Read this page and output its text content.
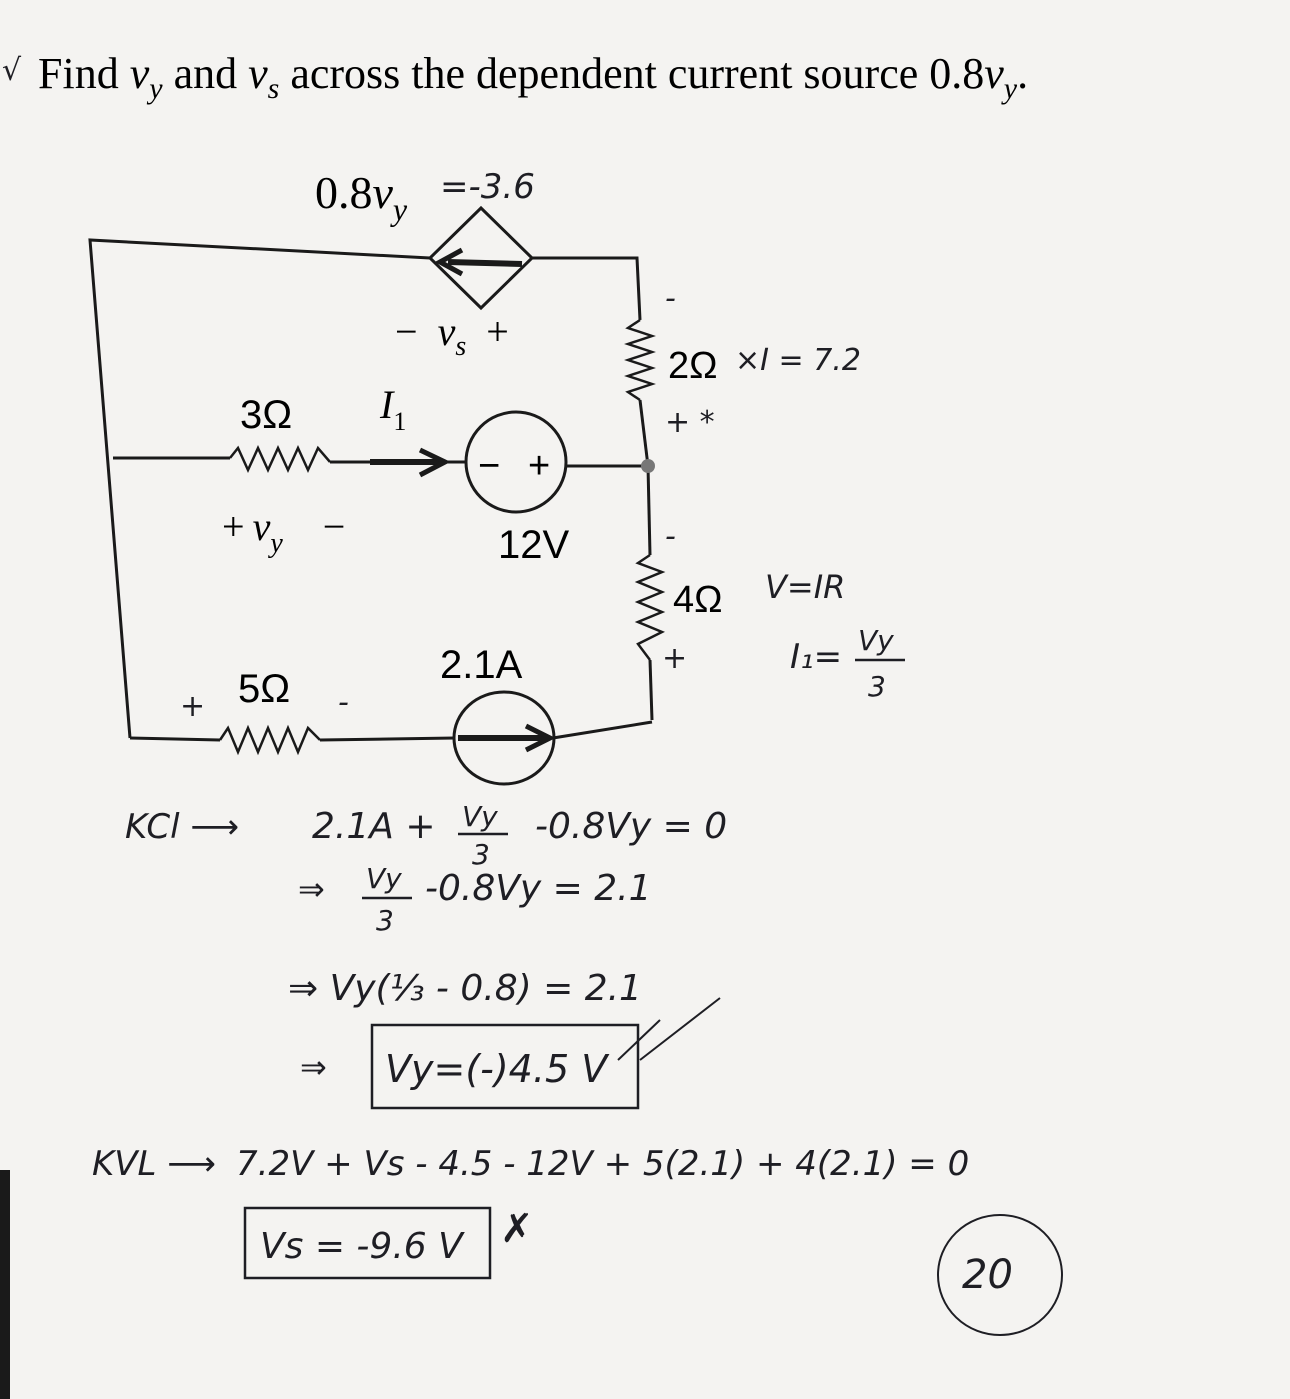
√ Find $v_y$ and $v_s$ across the dependent current source $0.8v_y$.
− +
$0.8v_y$
=-3.6
− $v_s$ +
3Ω $I_1$
+ $v_y$ −	12V
2Ω ×I = 7.2
-
+ *
4Ω
-
+
V=IR
I₁= Vy
3
2.1A
5Ω
+	-
KCl ⟶ 2.1A + Vy
3
-0.8Vy = 0
⇒ Vy
3
-0.8Vy = 2.1
⇒ Vy(⅓ - 0.8) = 2.1
⇒ Vy=(-)4.5 V
KVL ⟶ 7.2V + Vs - 4.5 - 12V + 5(2.1) + 4(2.1) = 0
Vs = -9.6 V ✗
20
